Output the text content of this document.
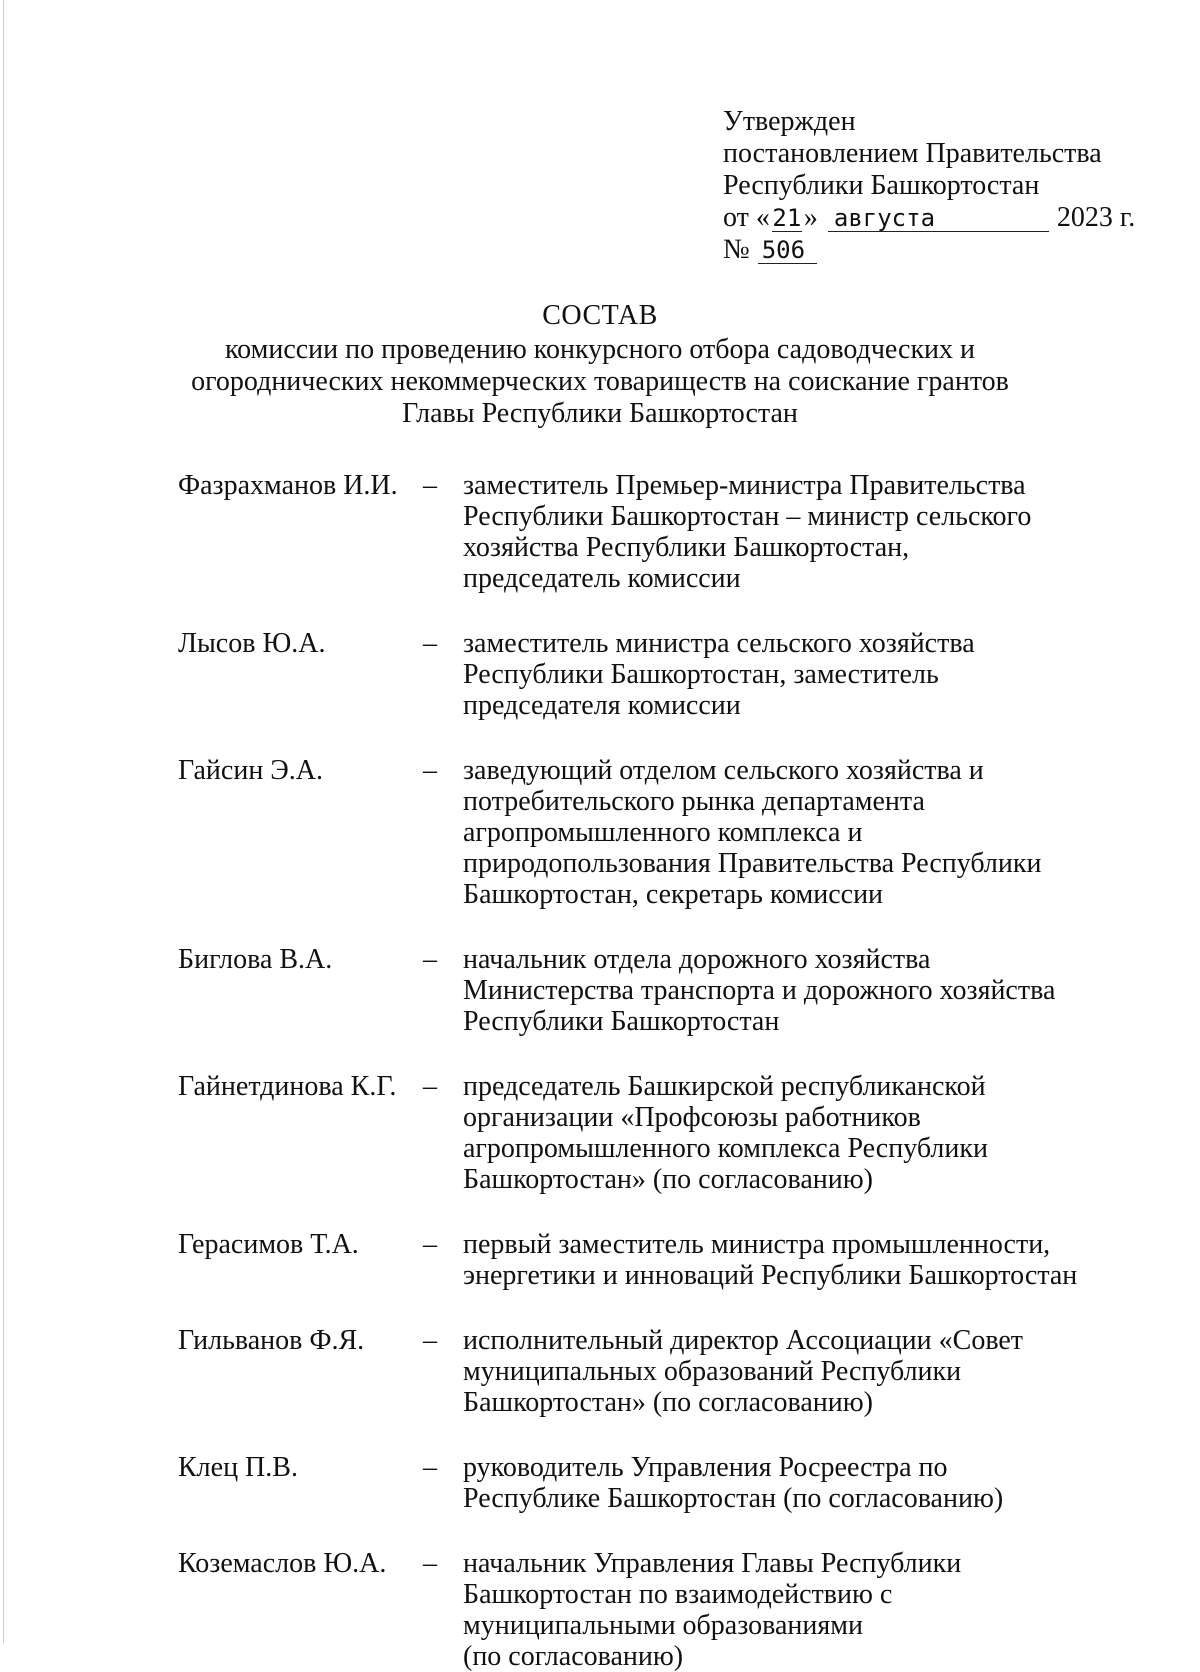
Утвержден
постановлением Правительства
Республики Башкортостан
от « 21» августа	2023 г.
№ 506
СОСТАВ
комиссии по проведению конкурсного отбора садоводческих и
огороднических некоммерческих товариществ на соискание грантов
Главы Республики Башкортостан
Фазрахманов И.И. – заместитель Премьер-министра Правительства
Республики Башкортостан – министр сельского
хозяйства Республики Башкортостан,
председатель комиссии
Лысов Ю.А.	– заместитель министра сельского хозяйства
Республики Башкортостан, заместитель
председателя комиссии
Гайсин Э.А.	– заведующий отделом сельского хозяйства и
потребительского рынка департамента
агропромышленного комплекса и
природопользования Правительства Республики
Башкортостан, секретарь комиссии
Биглова В.А.	– начальник отдела дорожного хозяйства
Министерства транспорта и дорожного хозяйства
Республики Башкортостан
Гайнетдинова К.Г. – председатель Башкирской республиканской
организации «Профсоюзы работников
агропромышленного комплекса Республики
Башкортостан» (по согласованию)
Герасимов Т.А.	– первый заместитель министра промышленности,
энергетики и инноваций Республики Башкортостан
Гильванов Ф.Я.	– исполнительный директор Ассоциации «Совет
муниципальных образований Республики
Башкортостан» (по согласованию)
Клец П.В.	– руководитель Управления Росреестра по
Республике Башкортостан (по согласованию)
Коземаслов Ю.А.	– начальник Управления Главы Республики
Башкортостан по взаимодействию с
муниципальными образованиями
(по согласованию)
